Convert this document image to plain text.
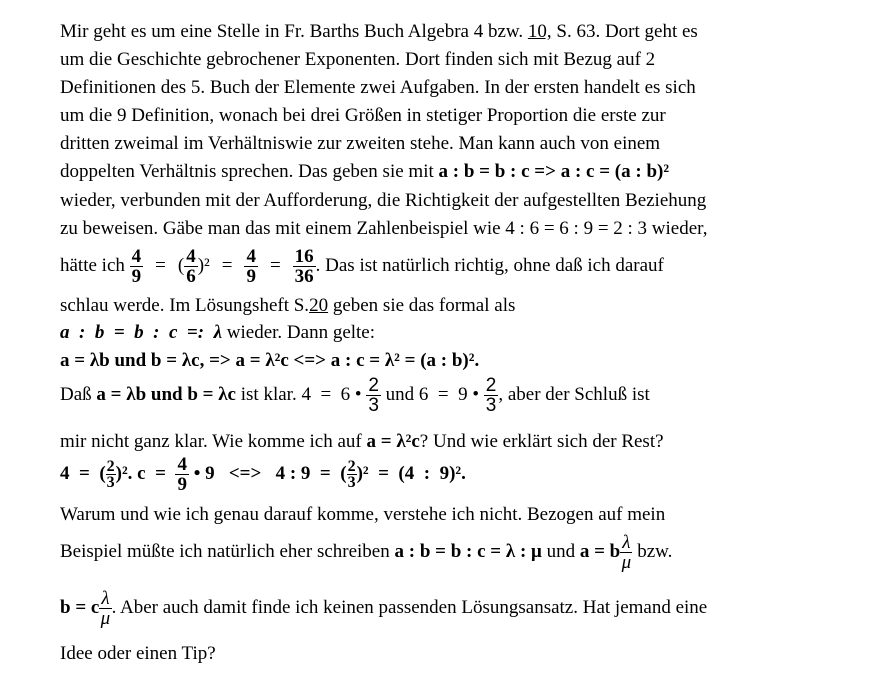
Mir geht es um eine Stelle in Fr. Barths Buch Algebra 4 bzw. 10, S. 63. Dort geht es
um die Geschichte gebrochener Exponenten. Dort finden sich mit Bezug auf 2
Definitionen des 5. Buch der Elemente zwei Aufgaben. In der ersten handelt es sich
um die 9 Definition, wonach bei drei Größen in stetiger Proportion die erste zur
dritten zweimal im Verhältniswie zur zweiten stehe. Man kann auch von einem
doppelten Verhältnis sprechen. Das geben sie mit a : b = b : c => a : c = (a : b)²
wieder, verbunden mit der Aufforderung, die Richtigkeit der aufgestellten Beziehung
zu beweisen. Gäbe man das mit einem Zahlenbeispiel wie 4 : 6 = 6 : 9 = 2 : 3 wieder,
hätte ich $\frac{4}{9}$ = ( $\frac{4}{6} )^2 = \frac{4}{9} = \frac{16}{36}$ . Das ist natürlich richtig, ohne daß ich darauf
schlau werde. Im Lösungsheft S.20 geben sie das formal als
a  :  b  =  b  :  c  =:  λ wieder. Dann gelte:
a = λb und b = λc, => a = λ²c <=> a : c = λ² = (a : b)².
Daß a = λb und b = λc ist klar. 4  =  6 • $\frac{2}{3}$ und 6  =  9 • $\frac{2}{3}$ , aber der Schluß ist
mir nicht ganz klar. Wie komme ich auf a = λ²c? Und wie erklärt sich der Rest?
4  =  ( $\frac{2}{3} )^2$. $c = \frac{4}{9}$ • 9   <=>   4 : 9  =  ( $\frac{2}{3} )^2 = (4$  :  9)².
Warum und wie ich genau darauf komme, verstehe ich nicht. Bezogen auf mein
Beispiel müßte ich natürlich eher schreiben a : b = b : c = λ : μ und a = b $\frac{\lambda}{\mu}$ bzw.
b = c $\frac{\lambda}{\mu}$ . Aber auch damit finde ich keinen passenden Lösungsansatz. Hat jemand eine
Idee oder einen Tip?
